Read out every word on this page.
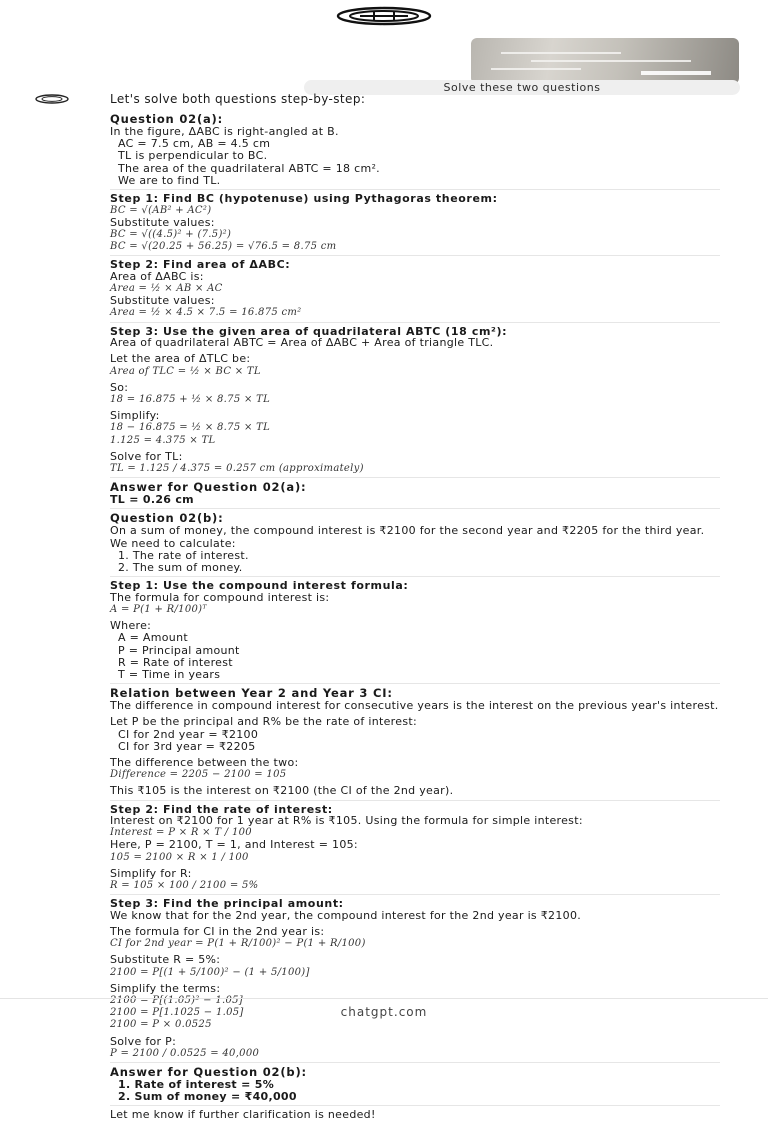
Solve these two questions
Let's solve both questions step-by-step:
Question 02(a):

In the figure, ΔABC is right-angled at B.

AC = 7.5 cm, AB = 4.5 cm
TL is perpendicular to BC.
The area of the quadrilateral ABTC = 18 cm².
We are to find TL.
Step 1: Find BC (hypotenuse) using Pythagoras theorem:

BC = √(AB² + AC²)

Substitute values:

BC = √((4.5)² + (7.5)²)

BC = √(20.25 + 56.25) = √76.5 = 8.75 cm

Step 2: Find area of ΔABC:

Area of ΔABC is:

Area = ½ × AB × AC

Substitute values:

Area = ½ × 4.5 × 7.5 = 16.875 cm²

Step 3: Use the given area of quadrilateral ABTC (18 cm²):

Area of quadrilateral ABTC = Area of ΔABC + Area of triangle TLC.

Let the area of ΔTLC be:

Area of TLC = ½ × BC × TL

So:

18 = 16.875 + ½ × 8.75 × TL

Simplify:

18 − 16.875 = ½ × 8.75 × TL

1.125 = 4.375 × TL

Solve for TL:

TL = 1.125 / 4.375 = 0.257 cm (approximately)

Answer for Question 02(a):

TL = 0.26 cm

Question 02(b):

On a sum of money, the compound interest is ₹2100 for the second year and ₹2205 for the third year. We need to calculate:

1. The rate of interest.
2. The sum of money.
Step 1: Use the compound interest formula:

The formula for compound interest is:

A = P(1 + R/100)ᵀ

Where:

A = Amount
P = Principal amount
R = Rate of interest
T = Time in years
Relation between Year 2 and Year 3 CI:

The difference in compound interest for consecutive years is the interest on the previous year's interest.

Let P be the principal and R% be the rate of interest:

CI for 2nd year = ₹2100
CI for 3rd year = ₹2205

The difference between the two:

Difference = 2205 − 2100 = 105

This ₹105 is the interest on ₹2100 (the CI of the 2nd year).

Step 2: Find the rate of interest:

Interest on ₹2100 for 1 year at R% is ₹105. Using the formula for simple interest:

Interest = P × R × T / 100

Here, P = 2100, T = 1, and Interest = 105:

105 = 2100 × R × 1 / 100

Simplify for R:

R = 105 × 100 / 2100 = 5%

Step 3: Find the principal amount:

We know that for the 2nd year, the compound interest for the 2nd year is ₹2100.

The formula for CI in the 2nd year is:

CI for 2nd year = P(1 + R/100)² − P(1 + R/100)

Substitute R = 5%:

2100 = P[(1 + 5/100)² − (1 + 5/100)]

Simplify the terms:

2100 = P[(1.05)² − 1.05]

2100 = P[1.1025 − 1.05]

2100 = P × 0.0525

Solve for P:

P = 2100 / 0.0525 = 40,000

Answer for Question 02(b):
1. Rate of interest = 5%
2. Sum of money = ₹40,000

Let me know if further clarification is needed!

chatgpt.com
